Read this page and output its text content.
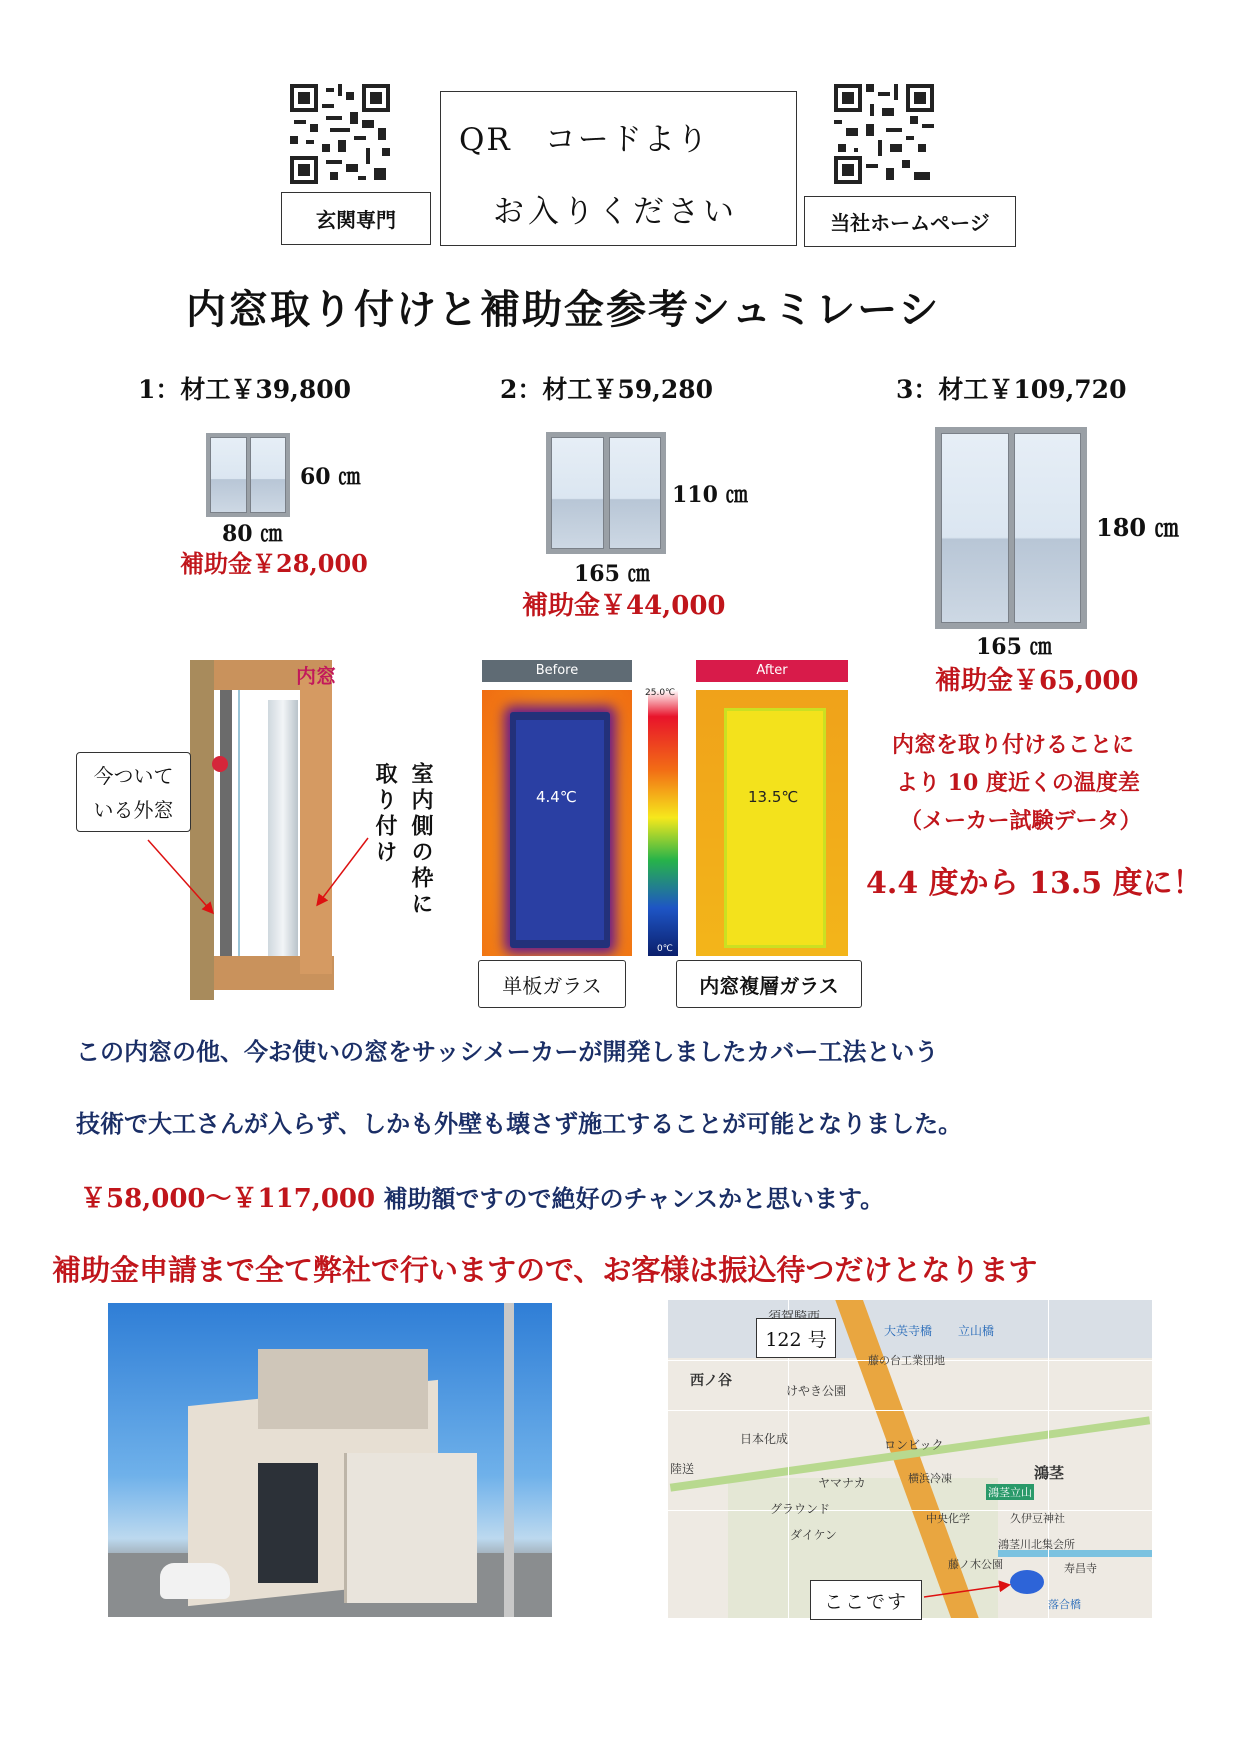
QR　コードより
お入りください
玄関専門	当社ホームページ
内窓取り付けと補助金参考シュミレーシ
1：材工￥39,800	2：材工￥59,280	3：材工￥109,720
60 ㎝
80 ㎝
補助金￥28,000
110 ㎝
165 ㎝
補助金￥44,000
180 ㎝
165 ㎝
補助金￥65,000
内窓
今ついて
いる外窓	室内側の枠に
取り付け
Before	After
4.4℃
25.0℃
0℃
13.5℃
単板ガラス	内窓複層ガラス
内窓を取り付けることに
より 10 度近くの温度差
（メーカー試験データ）
4.4 度から 13.5 度に！
この内窓の他、今お使いの窓をサッシメーカーが開発しましたカバー工法という
技術で大工さんが入らず、しかも外壁も壊さず施工することが可能となりました。
￥58,000～￥117,000 補助額ですので絶好のチャンスかと思います。
補助金申請まで全て弊社で行いますので、お客様は振込待つだけとなります
大英寺橋 立山橋
藤の台工業団地
西ノ谷
けやき公園
日本化成	ロンビック
陸送	鴻茎
ヤマナカ	横浜冷凍
鴻茎立山
グラウンド
中央化学	久伊豆神社
ダイケン
鴻茎川北集会所
藤ノ木公園	寿昌寺
落合橋
122 号
ここです
